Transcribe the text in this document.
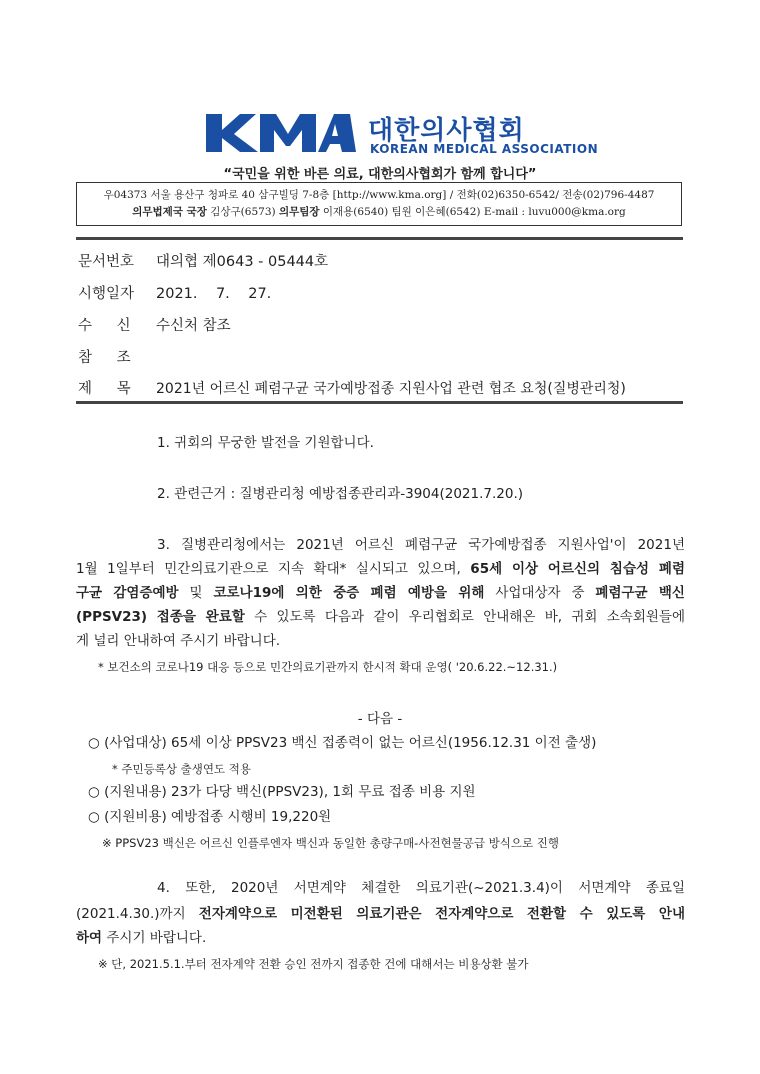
대한의사협회
KOREAN MEDICAL ASSOCIATION
“국민을 위한 바른 의료, 대한의사협회가 함께 합니다”
우04373 서울 용산구 청파로 40 삼구빌딩 7-8층 [http://www.kma.org] / 전화(02)6350-6542/ 전송(02)796-4487
의무법제국 국장 김상구(6573) 의무팀장 이재용(6540) 팀원 이은혜(6542) E-mail : luvu000@kma.org
문서번호 대의협 제0643 - 05444호
시행일자 2021.    7.    27.
수 신 수신처 참조
참 조
제 목 2021년 어르신 폐렴구균 국가예방접종 지원사업 관련 협조 요청(질병관리청)
1. 귀회의 무궁한 발전을 기원합니다.
2. 관련근거 : 질병관리청 예방접종관리과-3904(2021.7.20.)
3. 질병관리청에서는 2021년 어르신 폐렴구균 국가예방접종 지원사업'이 2021년
1월 1일부터 민간의료기관으로 지속 확대* 실시되고 있으며, 65세 이상 어르신의 침습성 폐렴
구균 감염증예방 및 코로나19에 의한 중증 폐렴 예방을 위해 사업대상자 중 폐렴구균 백신
(PPSV23) 접종을 완료할 수 있도록 다음과 같이 우리협회로 안내해온 바, 귀회 소속회원들에
게 널리 안내하여 주시기 바랍니다.
* 보건소의 코로나19 대응 등으로 민간의료기관까지 한시적 확대 운영( '20.6.22.~12.31.)
- 다음 -
○ (사업대상) 65세 이상 PPSV23 백신 접종력이 없는 어르신(1956.12.31 이전 출생)
* 주민등록상 출생연도 적용
○ (지원내용) 23가 다당 백신(PPSV23), 1회 무료 접종 비용 지원
○ (지원비용) 예방접종 시행비 19,220원
※ PPSV23 백신은 어르신 인플루엔자 백신과 동일한 총량구매-사전현물공급 방식으로 진행
4. 또한, 2020년 서면계약 체결한 의료기관(~2021.3.4)이 서면계약 종료일
(2021.4.30.)까지 전자계약으로 미전환된 의료기관은 전자계약으로 전환할 수 있도록 안내
하여 주시기 바랍니다.
※ 단, 2021.5.1.부터 전자계약 전환 승인 전까지 접종한 건에 대해서는 비용상환 불가
